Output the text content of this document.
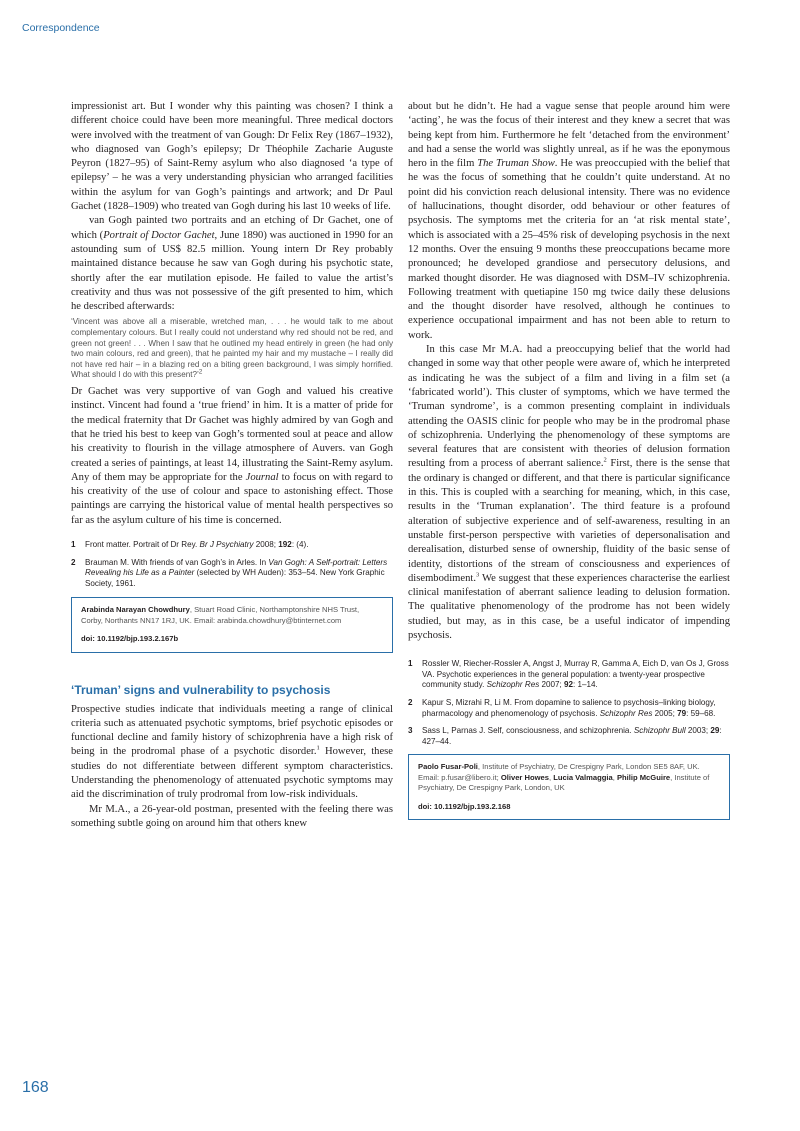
Correspondence

impressionist art. But I wonder why this painting was chosen? I think a different choice could have been more meaningful. Three medical doctors were involved with the treatment of van Gough: Dr Felix Rey (1867–1932), who diagnosed van Gogh’s epilepsy; Dr Théophile Zacharie Auguste Peyron (1827–95) of Saint-Remy asylum who also diagnosed ‘a type of epilepsy’ – he was a very understanding physician who arranged facilities within the asylum for van Gogh’s paintings and artwork; and Dr Paul Gachet (1828–1909) who treated van Gogh during his last 10 weeks of life.

van Gogh painted two portraits and an etching of Dr Gachet, one of which (Portrait of Doctor Gachet, June 1890) was auctioned in 1990 for an astounding sum of US$ 82.5 million. Young intern Dr Rey probably maintained distance because he saw van Gogh during his psychotic state, shortly after the ear mutilation episode. He failed to value the artist’s creativity and thus was not possessive of the gift presented to him, which he described afterwards:

‘Vincent was above all a miserable, wretched man, . . . he would talk to me about complementary colours. But I really could not understand why red should not be red, and green not green! . . . When I saw that he outlined my head entirely in green (he had only two main colours, red and green), that he painted my hair and my mustache – I really did not have red hair – in a blazing red on a biting green background, I was simply horrified. What should I do with this present?’$^2$

Dr Gachet was very supportive of van Gogh and valued his creative instinct. Vincent had found a ‘true friend’ in him. It is a matter of pride for the medical fraternity that Dr Gachet was highly admired by van Gogh and that he tried his best to keep van Gogh’s tormented soul at peace and allow his creativity to flourish in the village atmosphere of Auvers. van Gogh created a series of paintings, at least 14, illustrating the Saint-Remy asylum. Any of them may be appropriate for the Journal to focus on with regard to his creativity of the use of colour and space to astonishing effect. Those paintings are carrying the historical value of mental health perspectives so far as the asylum culture of his time is concerned.

1	Front matter. Portrait of Dr Rey. Br J Psychiatry 2008; 192: (4).
2	Brauman M. With friends of van Gogh’s in Arles. In Van Gogh: A Self-portrait: Letters Revealing his Life as a Painter (selected by WH Auden): 353–54. New York Graphic Society, 1961.
Arabinda Narayan Chowdhury, Stuart Road Clinic, Northamptonshire NHS Trust, Corby, Northants NN17 1RJ, UK. Email: arabinda.chowdhury@btinternet.com
doi: 10.1192/bjp.193.2.167b
‘Truman’ signs and vulnerability to psychosis

Prospective studies indicate that individuals meeting a range of clinical criteria such as attenuated psychotic symptoms, brief psychotic episodes or functional decline and family history of schizophrenia have a high risk of being in the prodromal phase of a psychotic disorder.$^1$ However, these studies do not differentiate between different symptom characteristics. Understanding the phenomenology of attenuated psychotic symptoms may aid the discrimination of truly prodromal from low-risk individuals.

Mr M.A., a 26-year-old postman, presented with the feeling there was something subtle going on around him that others knew

about but he didn’t. He had a vague sense that people around him were ‘acting’, he was the focus of their interest and they knew a secret that was being kept from him. Furthermore he felt ‘detached from the environment’ and had a sense the world was slightly unreal, as if he was the eponymous hero in the film The Truman Show. He was preoccupied with the belief that he was the focus of something that he couldn’t quite understand. At no point did his conviction reach delusional intensity. There was no evidence of hallucinations, thought disorder, odd behaviour or other features of psychosis. The symptoms met the criteria for an ‘at risk mental state’, which is associated with a 25–45% risk of developing psychosis in the next 12 months. Over the ensuing 9 months these preoccupations became more pronounced; he developed grandiose and persecutory delusions, and marked thought disorder. He was diagnosed with DSM–IV schizophrenia. Following treatment with quetiapine 150 mg twice daily these delusions and the thought disorder have resolved, although he continues to experience occupational impairment and has not been able to return to work.

In this case Mr M.A. had a preoccupying belief that the world had changed in some way that other people were aware of, which he interpreted as indicating he was the subject of a film and living in a film set (a ‘fabricated world’). This cluster of symptoms, which we have termed the ‘Truman syndrome’, is a common presenting complaint in individuals attending the OASIS clinic for people who may be in the prodromal phase of schizophrenia. Underlying the phenomenology of these symptoms are several features that are consistent with theories of delusion formation resulting from a process of aberrant salience.$^2$ First, there is the sense that the ordinary is changed or different, and that there is particular significance in this. This is coupled with a searching for meaning, which, in this case, results in the ‘Truman explanation’. The third feature is a profound alteration of subjective experience and of self-awareness, resulting in an unstable first-person perspective with varieties of depersonalisation and derealisation, disturbed sense of ownership, fluidity of the basic sense of identity, distortions of the stream of consciousness and experiences of disembodiment.$^3$ We suggest that these experiences characterise the earliest clinical manifestation of aberrant salience leading to delusion formation. The qualitative phenomenology of the prodrome has not been widely studied, but may, as in this case, be a useful indicator of impending psychosis.

1	Rossler W, Riecher-Rossler A, Angst J, Murray R, Gamma A, Eich D, van Os J, Gross VA. Psychotic experiences in the general population: a twenty-year prospective community study. Schizophr Res 2007; 92: 1–14.
2	Kapur S, Mizrahi R, Li M. From dopamine to salience to psychosis–linking biology, pharmacology and phenomenology of psychosis. Schizophr Res 2005; 79: 59–68.
3	Sass L, Parnas J. Self, consciousness, and schizophrenia. Schizophr Bull 2003; 29: 427–44.
Paolo Fusar-Poli, Institute of Psychiatry, De Crespigny Park, London SE5 8AF, UK. Email: p.fusar@libero.it; Oliver Howes, Lucia Valmaggia, Philip McGuire, Institute of Psychiatry, De Crespigny Park, London, UK
doi: 10.1192/bjp.193.2.168
168
